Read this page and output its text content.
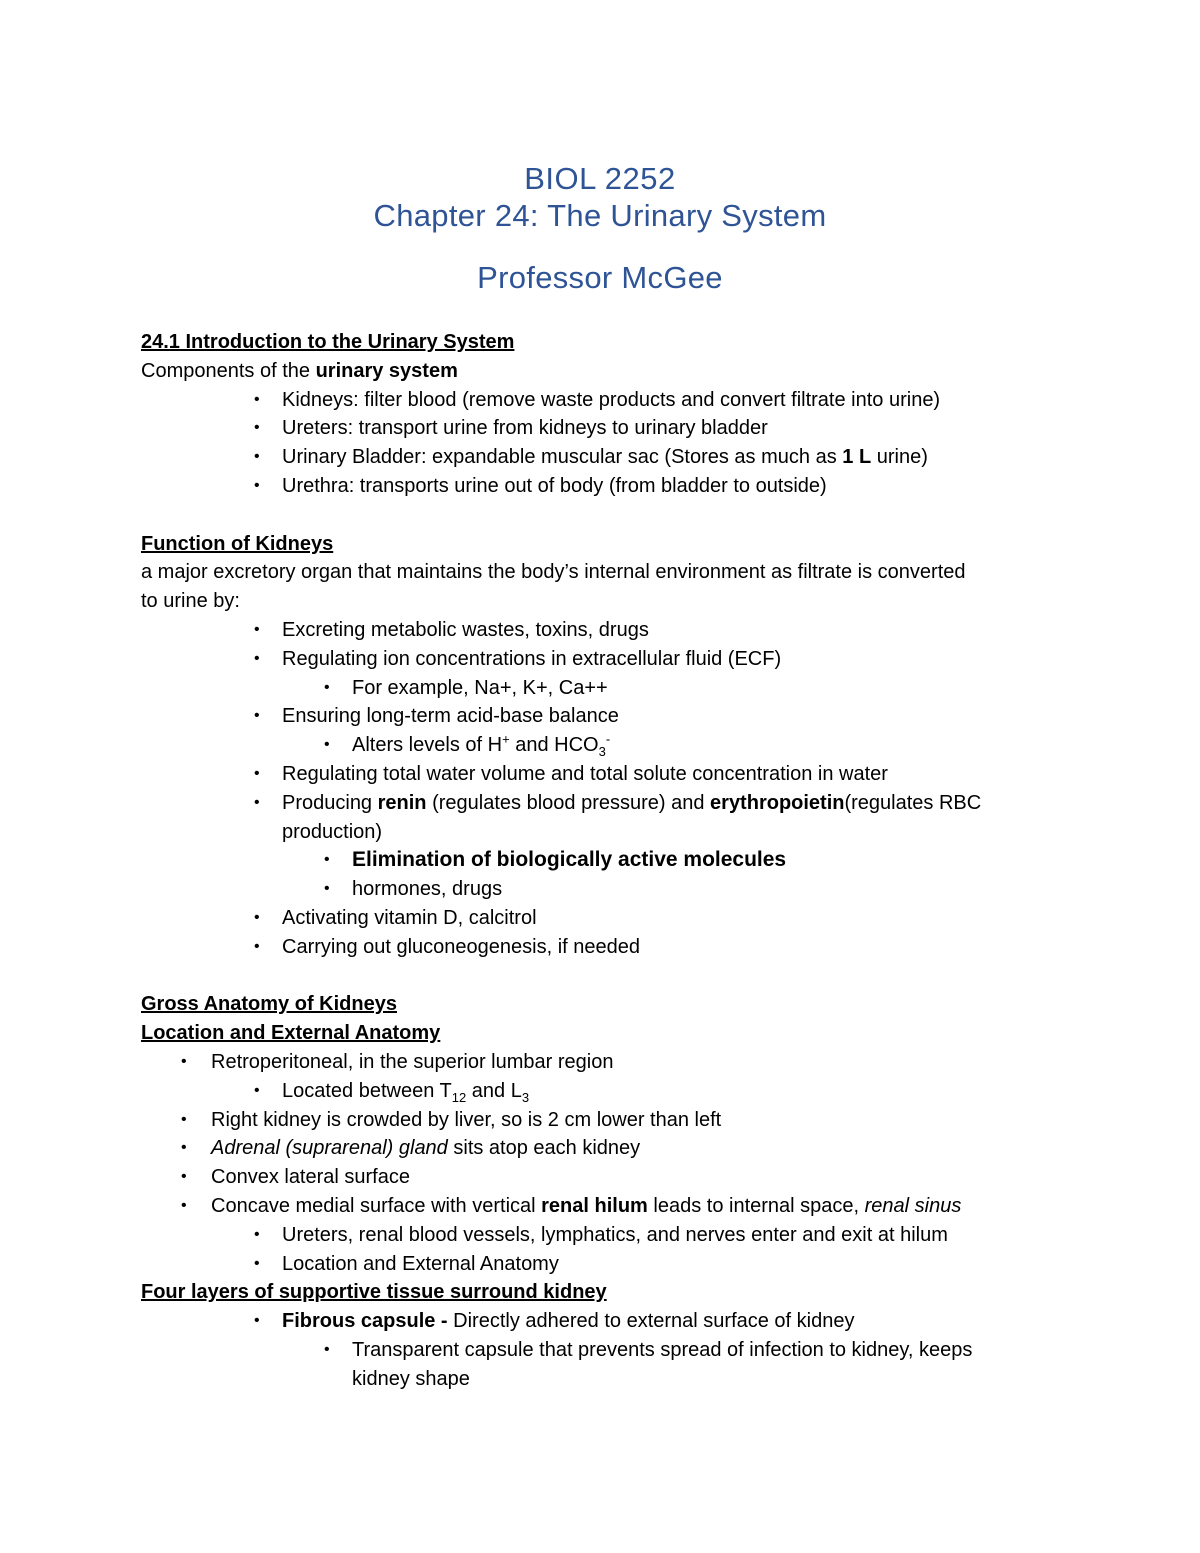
BIOL 2252
Chapter 24: The Urinary System
Professor McGee
24.1 Introduction to the Urinary System
Components of the urinary system
• Kidneys: filter blood (remove waste products and convert filtrate into urine)
• Ureters: transport urine from kidneys to urinary bladder
• Urinary Bladder: expandable muscular sac (Stores as much as 1 L urine)
• Urethra: transports urine out of body (from bladder to outside)
Function of Kidneys
a major excretory organ that maintains the body’s internal environment as filtrate is converted
to urine by:
• Excreting metabolic wastes, toxins, drugs
• Regulating ion concentrations in extracellular fluid (ECF)
• For example, Na+, K+, Ca++
• Ensuring long-term acid-base balance
• Alters levels of H+ and $HCO_3^-$
• Regulating total water volume and total solute concentration in water
• Producing renin (regulates blood pressure) and erythropoietin(regulates RBC
production)
• Elimination of biologically active molecules
• hormones, drugs
• Activating vitamin D, calcitrol
• Carrying out gluconeogenesis, if needed
Gross Anatomy of Kidneys
Location and External Anatomy
• Retroperitoneal, in the superior lumbar region
• Located between $T_{12}$ and $L_3$
• Right kidney is crowded by liver, so is 2 cm lower than left
• Adrenal (suprarenal) gland sits atop each kidney
• Convex lateral surface
• Concave medial surface with vertical renal hilum leads to internal space, renal sinus
• Ureters, renal blood vessels, lymphatics, and nerves enter and exit at hilum
• Location and External Anatomy
Four layers of supportive tissue surround kidney
• Fibrous capsule - Directly adhered to external surface of kidney
• Transparent capsule that prevents spread of infection to kidney, keeps
kidney shape
